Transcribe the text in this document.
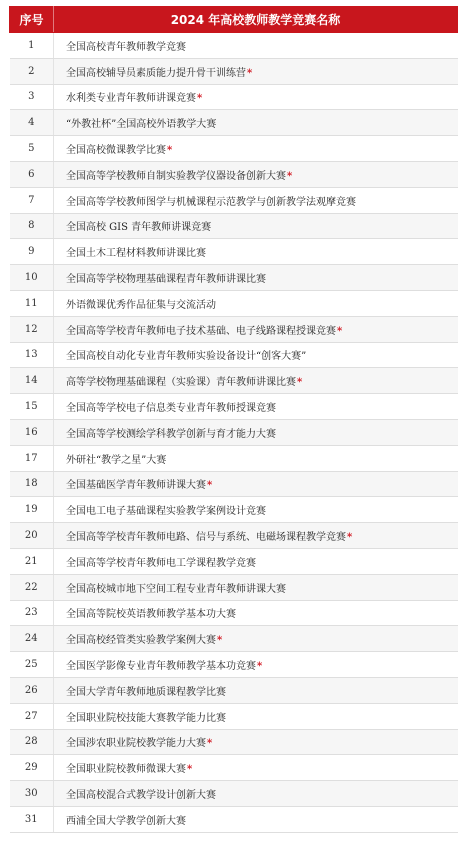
序号	2024 年高校教师教学竞赛名称
1	全国高校青年教师教学竞赛
2	全国高校辅导员素质能力提升骨干训练营*
3	水利类专业青年教师讲课竞赛*
4	“外教社杯”全国高校外语教学大赛
5	全国高校微课教学比赛*
6	全国高等学校教师自制实验教学仪器设备创新大赛*
7	全国高等学校教师图学与机械课程示范教学与创新教学法观摩竞赛
8	全国高校 GIS 青年教师讲课竞赛
9	全国土木工程材料教师讲课比赛
10	全国高等学校物理基础课程青年教师讲课比赛
11	外语微课优秀作品征集与交流活动
12	全国高等学校青年教师电子技术基础、电子线路课程授课竞赛*
13	全国高校自动化专业青年教师实验设备设计“创客大赛”
14	高等学校物理基础课程（实验课）青年教师讲课比赛*
15	全国高等学校电子信息类专业青年教师授课竞赛
16	全国高等学校测绘学科教学创新与育才能力大赛
17	外研社“教学之星”大赛
18	全国基础医学青年教师讲课大赛*
19	全国电工电子基础课程实验教学案例设计竞赛
20	全国高等学校青年教师电路、信号与系统、电磁场课程教学竞赛*
21	全国高等学校青年教师电工学课程教学竞赛
22	全国高校城市地下空间工程专业青年教师讲课大赛
23	全国高等院校英语教师教学基本功大赛
24	全国高校经管类实验教学案例大赛*
25	全国医学影像专业青年教师教学基本功竞赛*
26	全国大学青年教师地质课程教学比赛
27	全国职业院校技能大赛教学能力比赛
28	全国涉农职业院校教学能力大赛*
29	全国职业院校教师微课大赛*
30	全国高校混合式教学设计创新大赛
31	西浦全国大学教学创新大赛
